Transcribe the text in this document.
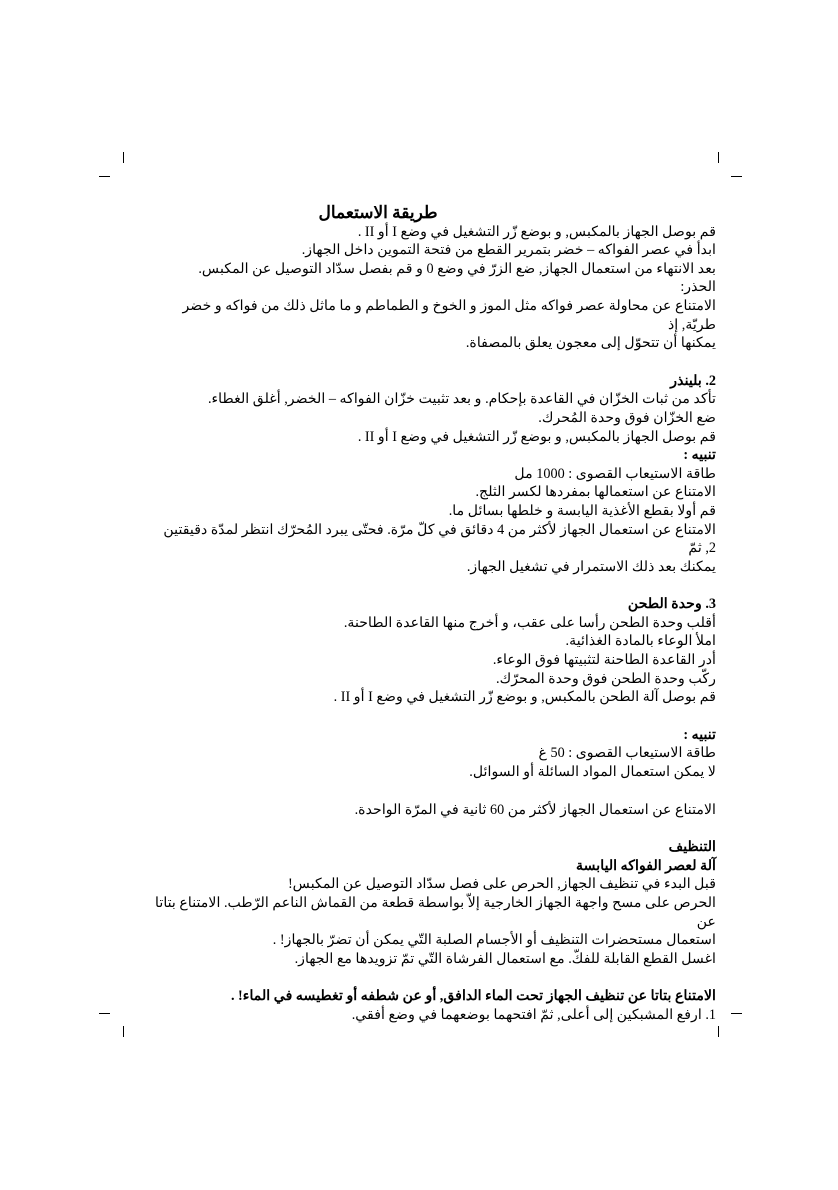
طريقة الاستعمال

قم بوصل الجهاز بالمكبس, و بوضع زّر التشغيل في وضع I أو II .

ابدأ في عصر الفواكه – خضر بتمرير القطع من فتحة التموين داخل الجهاز.

بعد الانتهاء من استعمال الجهاز, ضع الزرّ في وضع 0 و قم بفصل سدّاد التوصيل عن المكبس.

الحذر:

الامتناع عن محاولة عصر فواكه مثل الموز و الخوخ و الطماطم و ما ماثل ذلك من فواكه و خضر طريّة, إذ

يمكنها أن تتحوّل إلى معجون يعلق بالمصفاة.

2. بلينذر

تأكد من ثبات الخزّان في القاعدة بإحكام. و بعد تثبيت خزّان الفواكه – الخضر, أغلق الغطاء.

ضع الخزّان فوق وحدة المُحرك.

قم بوصل الجهاز بالمكبس, و بوضع زّر التشغيل في وضع I أو II .

تنبيه :

طاقة الاستيعاب القصوى : 1000 مل

الامتناع عن استعمالها بمفردها لكسر الثلج.

قم أولا بقطع الأغذية اليابسة و خلطها بسائل ما.

الامتناع عن استعمال الجهاز لأكثر من 4 دقائق في كلّ مرّة. فحتّى يبرد المُحرّك انتظر لمدّة دقيقتين 2, ثمّ

يمكنك بعد ذلك الاستمرار في تشغيل الجهاز.

3. وحدة الطحن

أقلب وحدة الطحن رأسا على عقب، و أخرج منها القاعدة الطاحنة.

املأ الوعاء بالمادة الغذائية.

أدر القاعدة الطاحنة لتثبيتها فوق الوعاء.

ركّب وحدة الطحن فوق وحدة المحرّك.

قم بوصل آلة الطحن بالمكبس, و بوضع زّر التشغيل في وضع I أو II .

تنبيه :

طاقة الاستيعاب القصوى : 50 غ

لا يمكن استعمال المواد السائلة أو السوائل.

الامتناع عن استعمال الجهاز لأكثر من 60 ثانية في المرّة الواحدة.

التنظيف

آلة لعصر الفواكه اليابسة

قبل البدء في تنظيف الجهاز, الحرص على فصل سدّاد التوصيل عن المكبس!

الحرص على مسح واجهة الجهاز الخارجية إلاّ بواسطة قطعة من القماش الناعم الرّطب. الامتناع بتاتا عن

استعمال مستحضرات التنظيف أو الأجسام الصلبة التّي يمكن أن تضرّ بالجهاز! .

اغسل القطع القابلة للفكّ. مع استعمال الفرشاة التّي تمّ تزويدها مع الجهاز.

الامتناع بتاتا عن تنظيف الجهاز تحت الماء الدافق, أو عن شطفه أو تغطيسه في الماء! .

1. ارفع المشبكين إلى أعلى, ثمّ افتحهما بوضعهما في وضع أفقي.
